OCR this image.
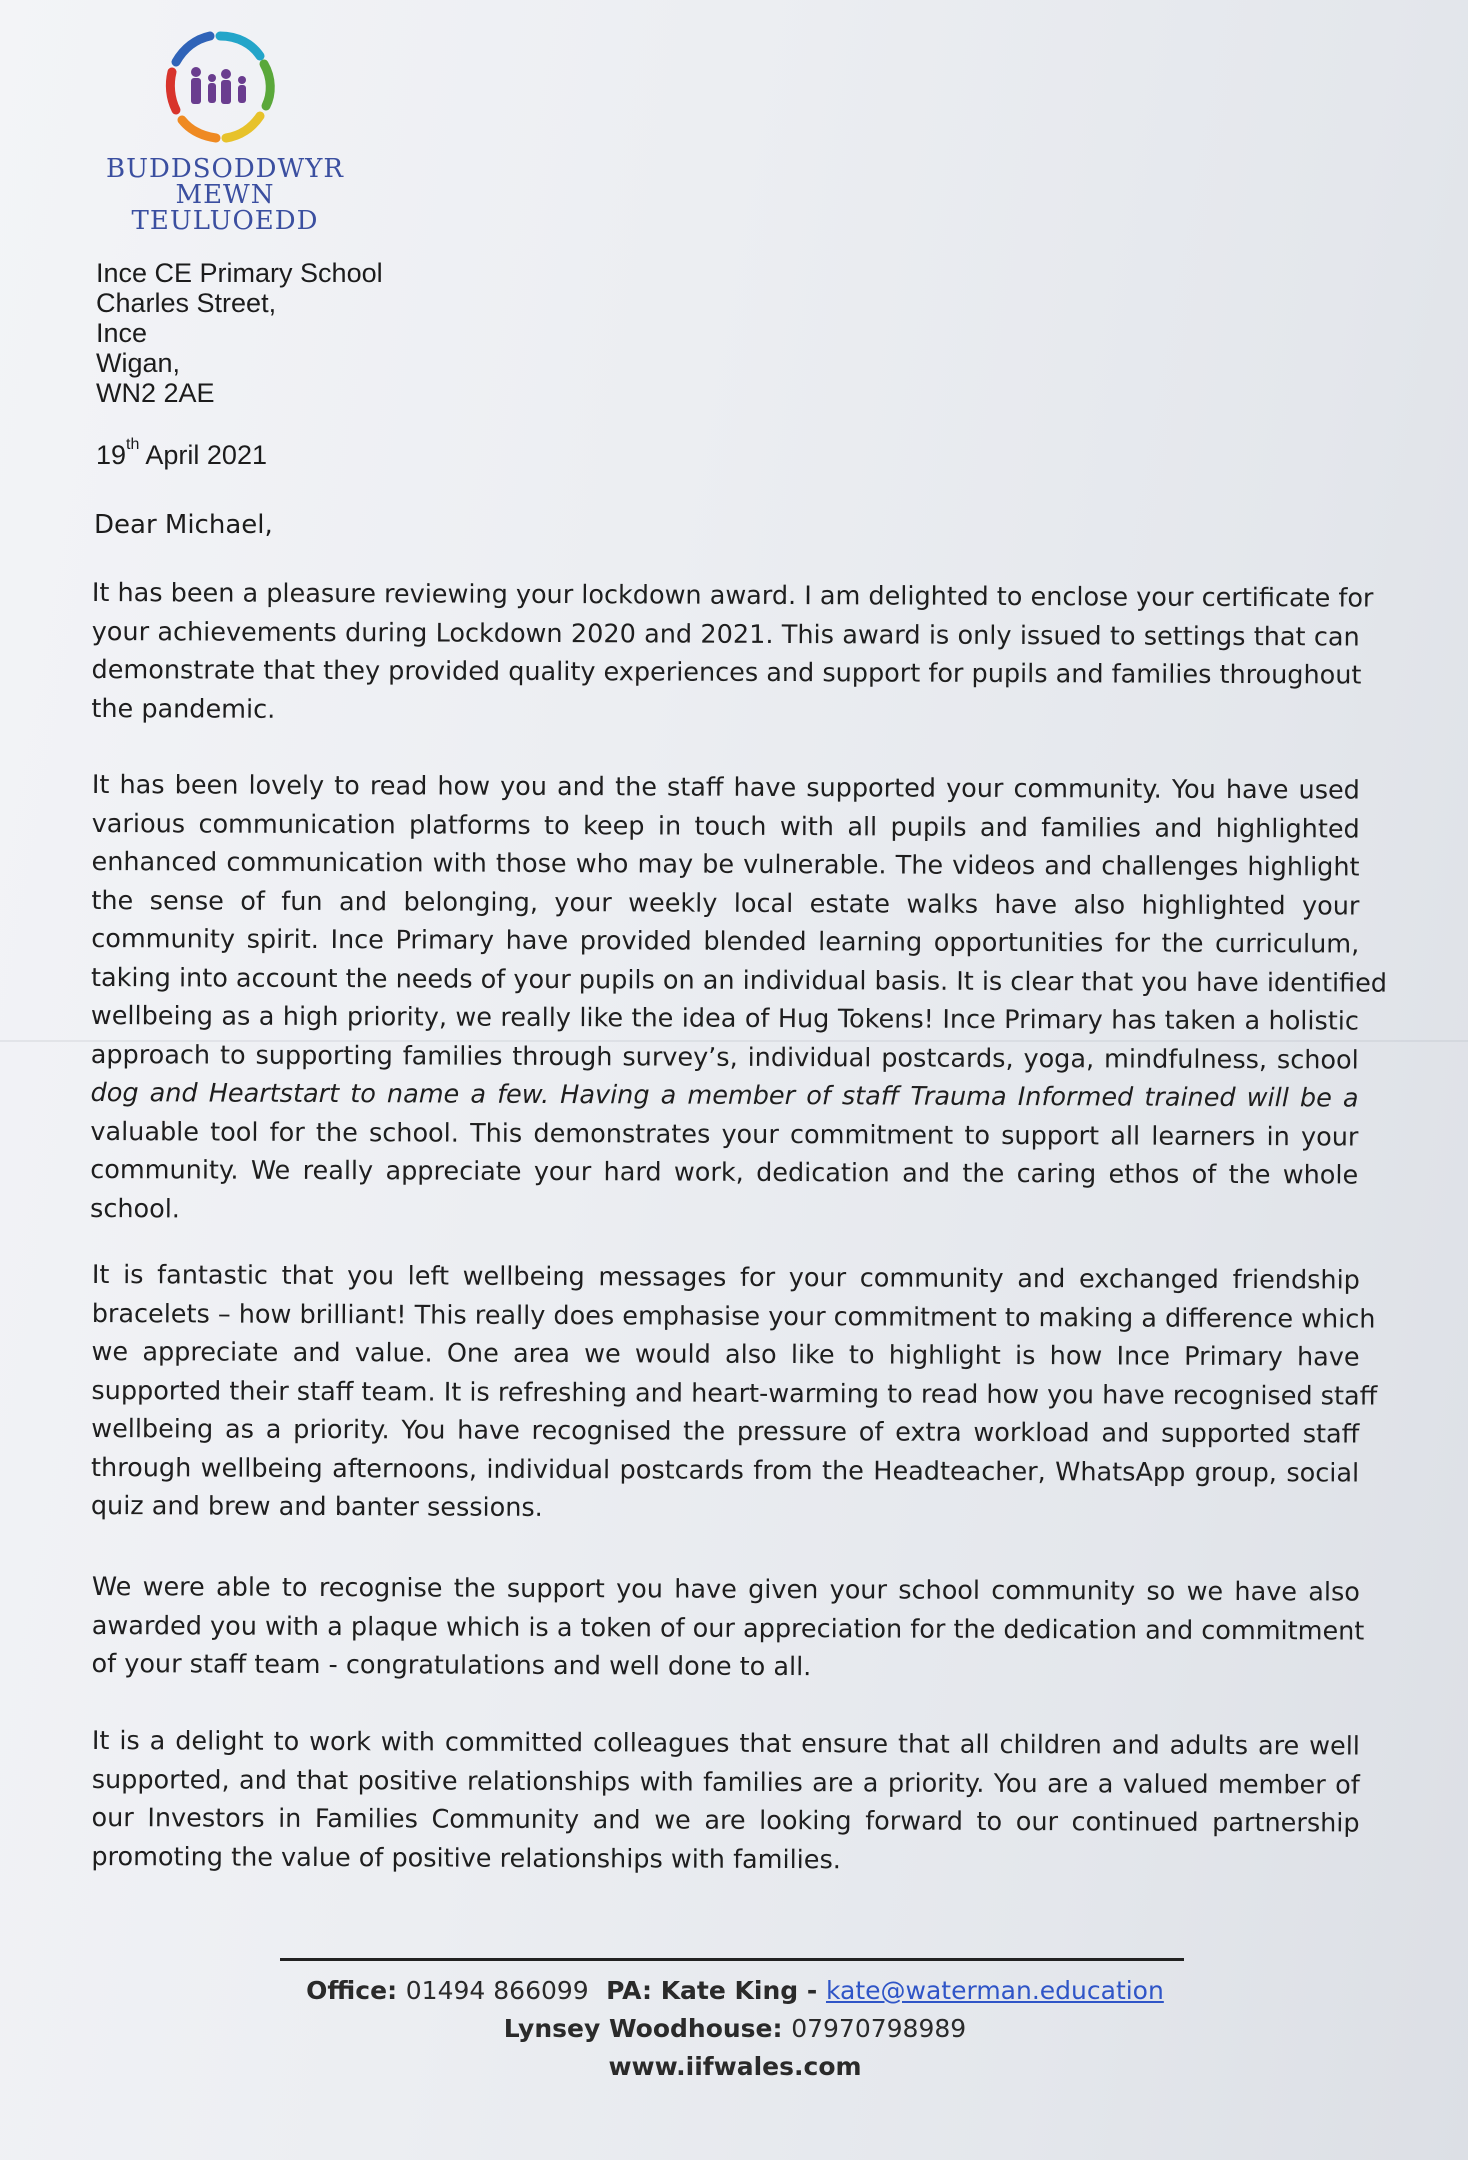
BUDDSODDWYR
MEWN TEULUOEDD
Ince CE Primary School
Charles Street,
Ince
Wigan,
WN2 2AE
19th April 2021
Dear Michael,
It has been a pleasure reviewing your lockdown award. I am delighted to enclose your certificate for
your achievements during Lockdown 2020 and 2021. This award is only issued to settings that can
demonstrate that they provided quality experiences and support for pupils and families throughout
the pandemic.
It has been lovely to read how you and the staff have supported your community. You have used
various communication platforms to keep in touch with all pupils and families and highlighted
enhanced communication with those who may be vulnerable. The videos and challenges highlight
the sense of fun and belonging, your weekly local estate walks have also highlighted your
community spirit. Ince Primary have provided blended learning opportunities for the curriculum,
taking into account the needs of your pupils on an individual basis. It is clear that you have identified
wellbeing as a high priority, we really like the idea of Hug Tokens! Ince Primary has taken a holistic
approach to supporting families through survey’s, individual postcards, yoga, mindfulness, school
dog and Heartstart to name a few. Having a member of staff Trauma Informed trained will be a
valuable tool for the school. This demonstrates your commitment to support all learners in your
community. We really appreciate your hard work, dedication and the caring ethos of the whole
school.
It is fantastic that you left wellbeing messages for your community and exchanged friendship
bracelets – how brilliant! This really does emphasise your commitment to making a difference which
we appreciate and value. One area we would also like to highlight is how Ince Primary have
supported their staff team. It is refreshing and heart-warming to read how you have recognised staff
wellbeing as a priority. You have recognised the pressure of extra workload and supported staff
through wellbeing afternoons, individual postcards from the Headteacher, WhatsApp group, social
quiz and brew and banter sessions.
We were able to recognise the support you have given your school community so we have also
awarded you with a plaque which is a token of our appreciation for the dedication and commitment
of your staff team - congratulations and well done to all.
It is a delight to work with committed colleagues that ensure that all children and adults are well
supported, and that positive relationships with families are a priority. You are a valued member of
our Investors in Families Community and we are looking forward to our continued partnership
promoting the value of positive relationships with families.
Office: 01494 866099 PA: Kate King - kate@waterman.education
Lynsey Woodhouse: 07970798989
www.iifwales.com
